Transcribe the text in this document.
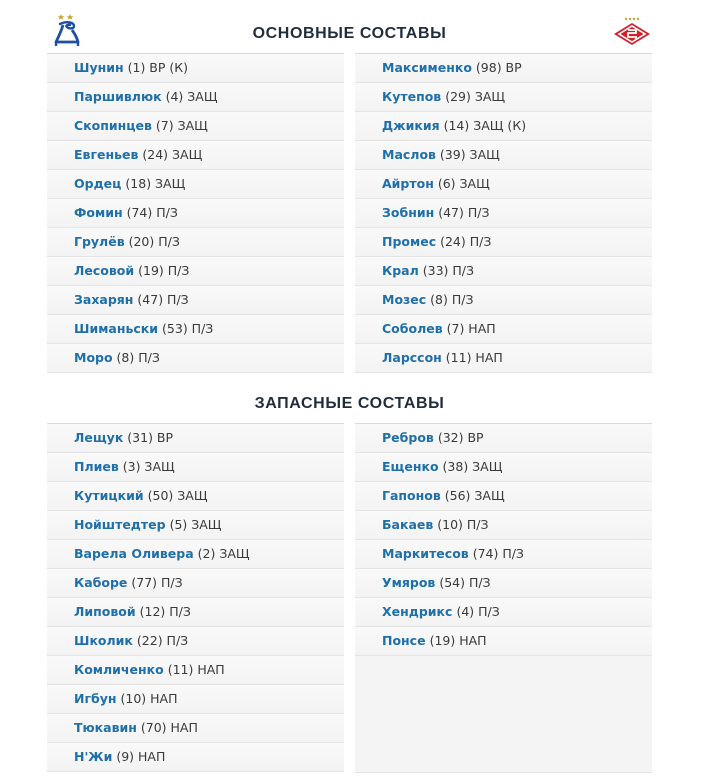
ОСНОВНЫЕ СОСТАВЫ
ЗАПАСНЫЕ СОСТАВЫ
Шунин (1) ВР (К)
Паршивлюк (4) ЗАЩ
Скопинцев (7) ЗАЩ
Евгеньев (24) ЗАЩ
Ордец (18) ЗАЩ
Фомин (74) П/З
Грулёв (20) П/З
Лесовой (19) П/З
Захарян (47) П/З
Шиманьски (53) П/З
Моро (8) П/З
Максименко (98) ВР
Кутепов (29) ЗАЩ
Джикия (14) ЗАЩ (К)
Маслов (39) ЗАЩ
Айртон (6) ЗАЩ
Зобнин (47) П/З
Промес (24) П/З
Крал (33) П/З
Мозес (8) П/З
Соболев (7) НАП
Ларссон (11) НАП
Лещук (31) ВР
Плиев (3) ЗАЩ
Кутицкий (50) ЗАЩ
Нойштедтер (5) ЗАЩ
Варела Оливера (2) ЗАЩ
Каборе (77) П/З
Липовой (12) П/З
Школик (22) П/З
Комличенко (11) НАП
Игбун (10) НАП
Тюкавин (70) НАП
Н'Жи (9) НАП
Ребров (32) ВР
Ещенко (38) ЗАЩ
Гапонов (56) ЗАЩ
Бакаев (10) П/З
Маркитесов (74) П/З
Умяров (54) П/З
Хендрикс (4) П/З
Понсе (19) НАП
